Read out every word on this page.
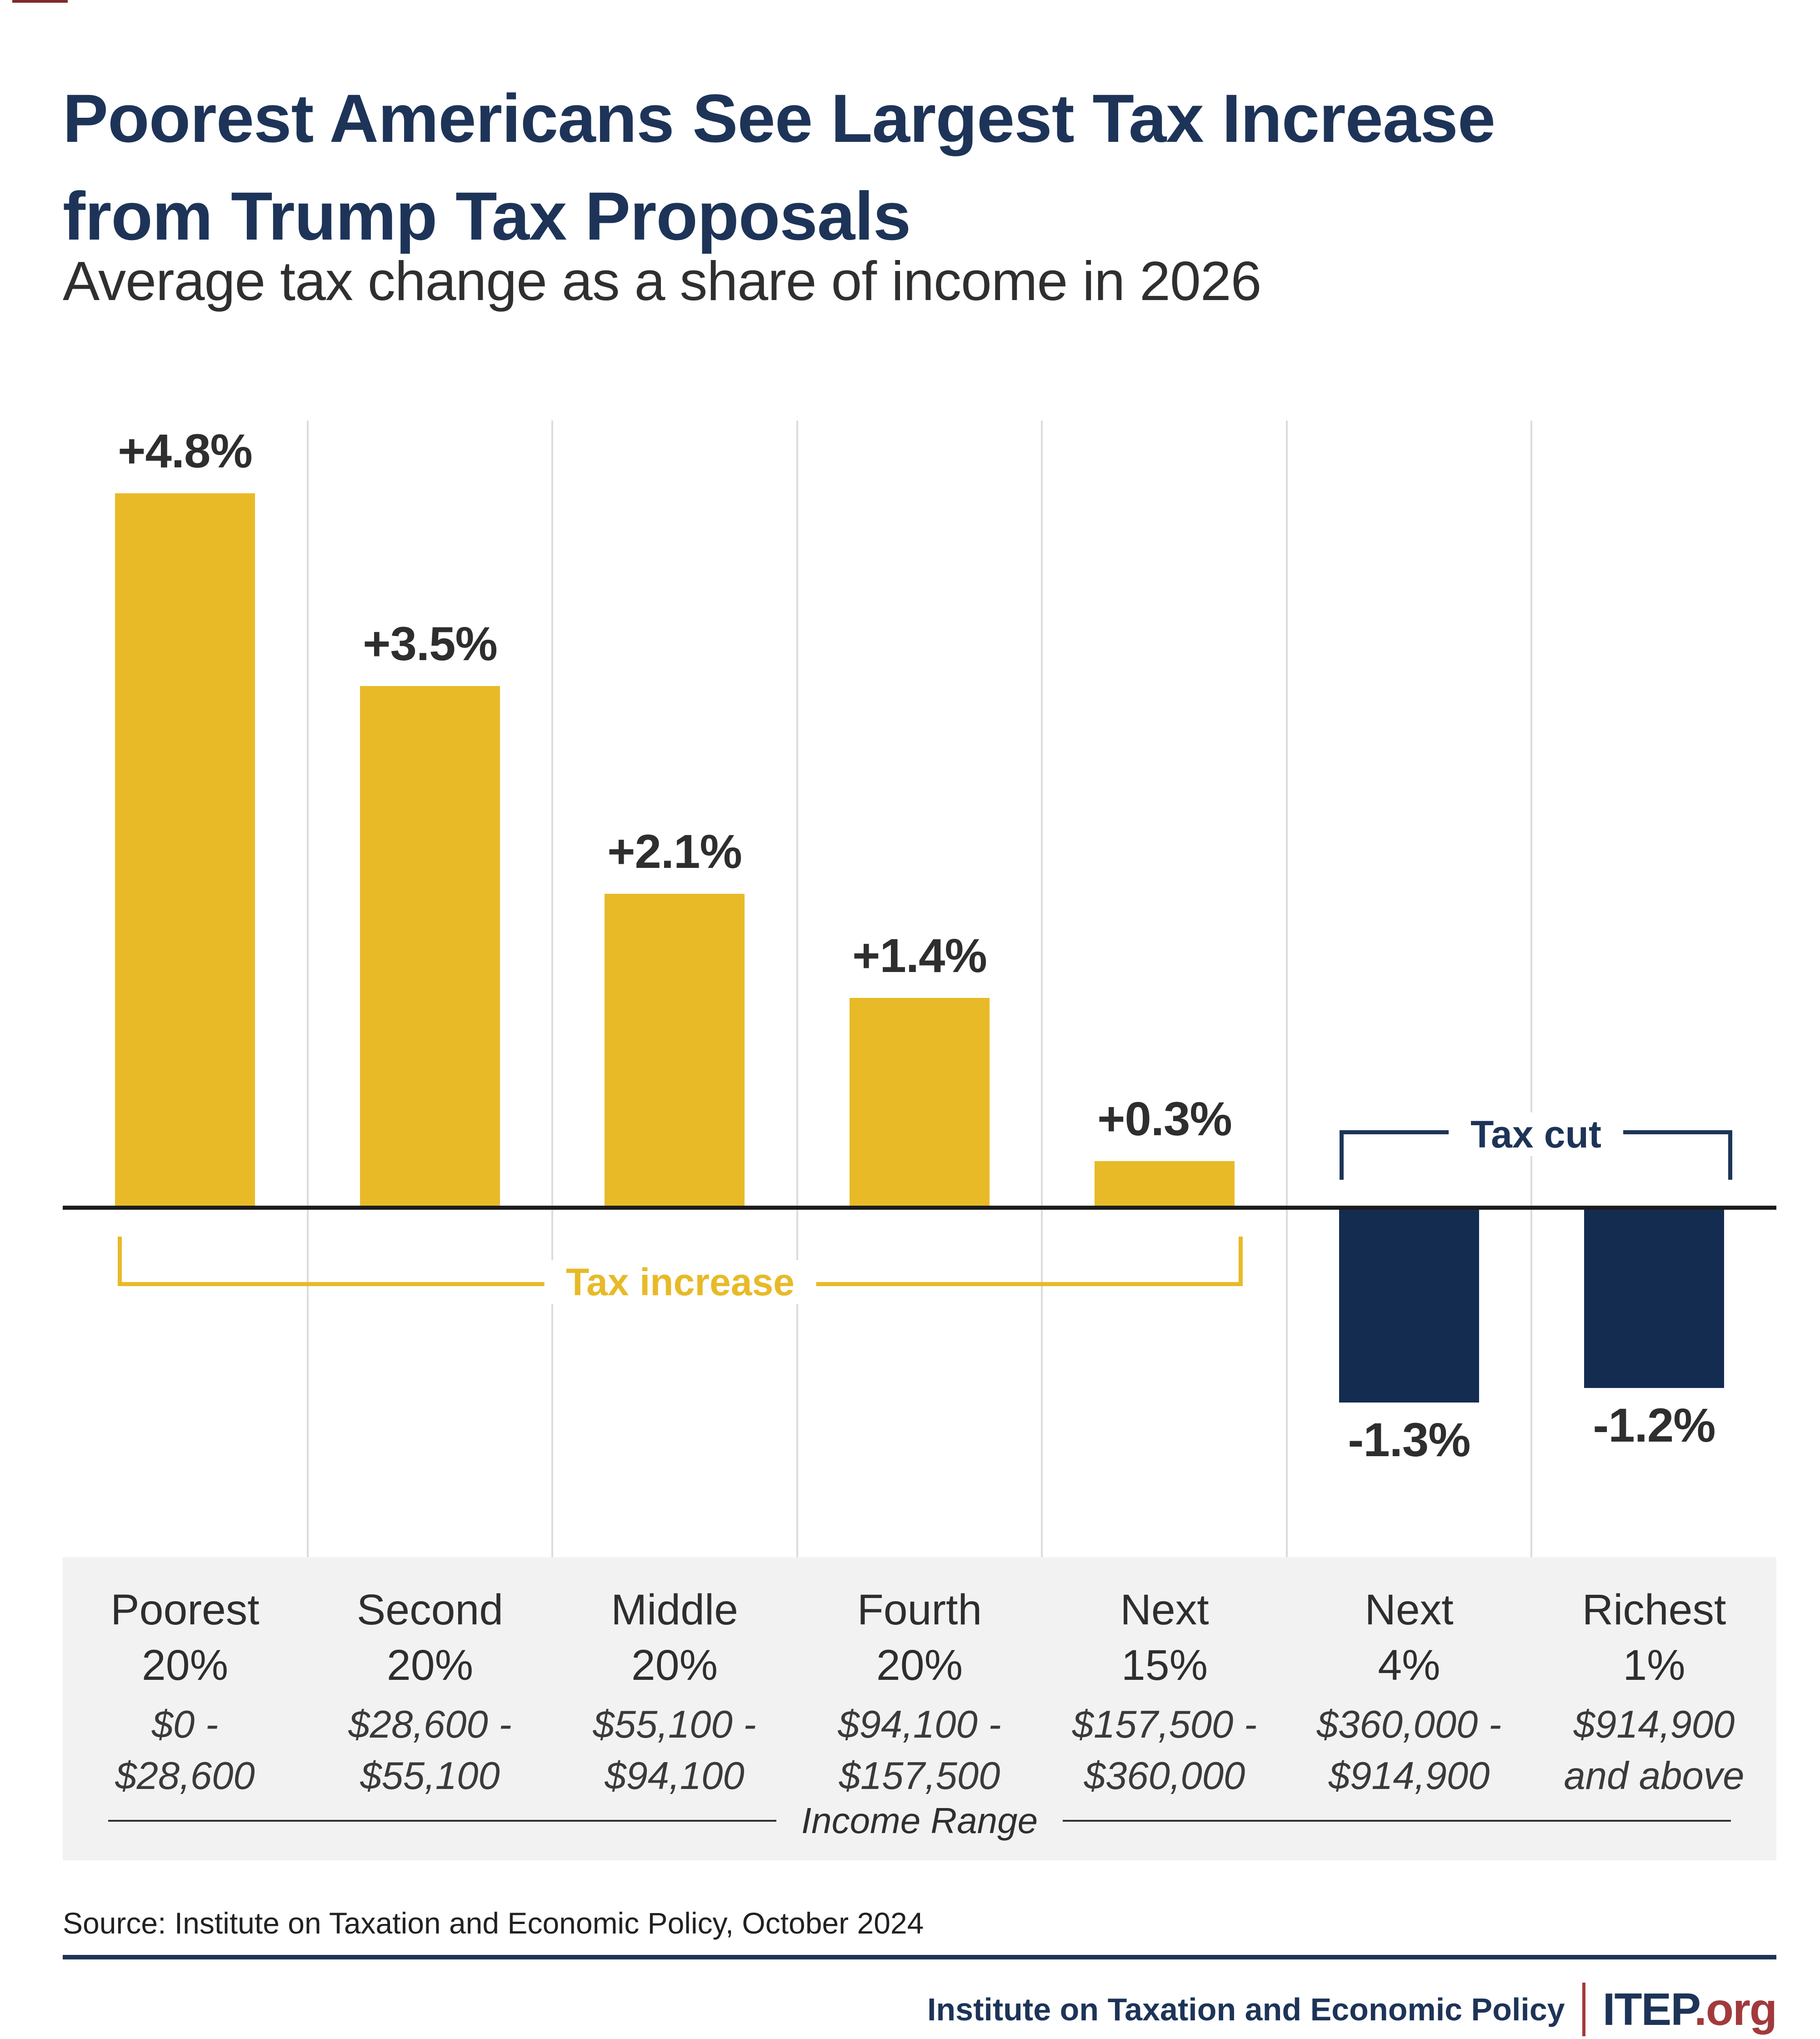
Poorest Americans See Largest Tax Increase
from Trump Tax Proposals
Average tax change as a share of income in 2026
Tax increase
Tax cut
Income Range
Poorest
20%
$0 -
$28,600
Second
20%
$28,600 -
$55,100
Middle
20%
$55,100 -
$94,100
Fourth
20%
$94,100 -
$157,500
Next
15%
$157,500 -
$360,000
Next
4%
$360,000 -
$914,900
Richest
1%
$914,900
and above
+4.8%
+3.5%
+2.1%
+1.4%
+0.3%
-1.3%	-1.2%
Source: Institute on Taxation and Economic Policy, October 2024
Institute on Taxation and Economic Policy ITEP.org
